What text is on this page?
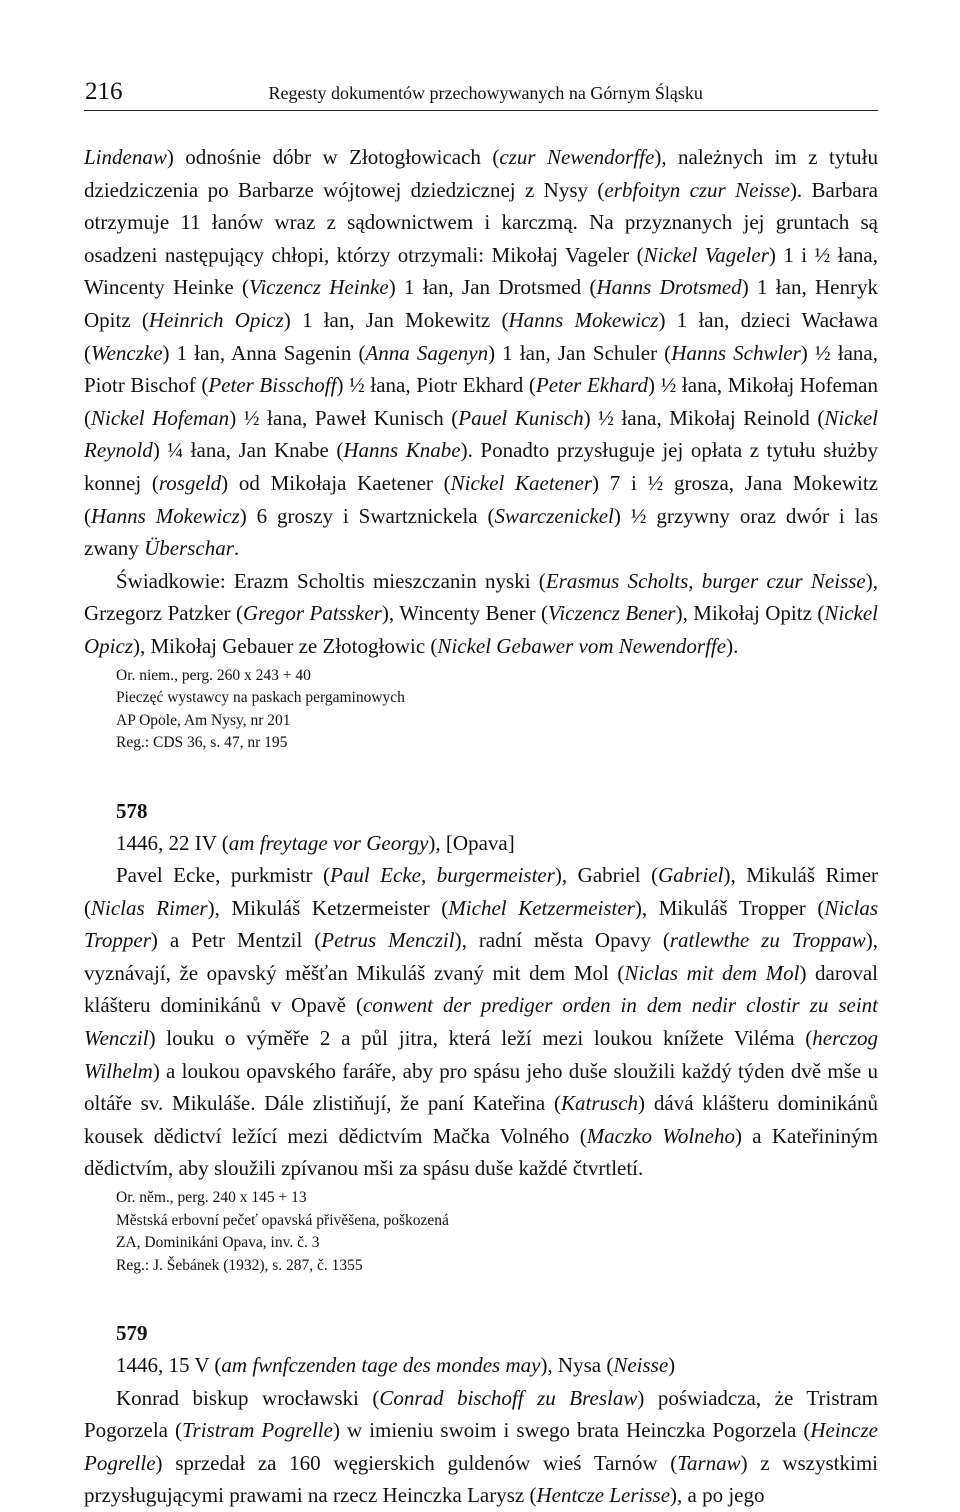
216	Regesty dokumentów przechowywanych na Górnym Śląsku

Lindenaw) odnośnie dóbr w Złotogłowicach (czur Newendorffe), należnych im z tytułu dziedziczenia po Barbarze wójtowej dziedzicznej z Nysy (erbfoityn czur Neisse). Barbara otrzymuje 11 łanów wraz z sądownictwem i karczmą. Na przyznanych jej gruntach są osadzeni następujący chłopi, którzy otrzymali: Mikołaj Vageler (Nickel Vageler) 1 i ½ łana, Wincenty Heinke (Viczencz Heinke) 1 łan, Jan Drotsmed (Hanns Drotsmed) 1 łan, Henryk Opitz (Heinrich Opicz) 1 łan, Jan Mokewitz (Hanns Mokewicz) 1 łan, dzieci Wacława (Wenczke) 1 łan, Anna Sagenin (Anna Sagenyn) 1 łan, Jan Schuler (Hanns Schwler) ½ łana, Piotr Bischof (Peter Bisschoff) ½ łana, Piotr Ekhard (Peter Ekhard) ½ łana, Mikołaj Hofeman (Nickel Hofeman) ½ łana, Paweł Kunisch (Pauel Kunisch) ½ łana, Mikołaj Reinold (Nickel Reynold) ¼ łana, Jan Knabe (Hanns Knabe). Ponadto przysługuje jej opłata z tytułu służby konnej (rosgeld) od Mikołaja Kaetener (Nickel Kaetener) 7 i ½ grosza, Jana Mokewitz (Hanns Mokewicz) 6 groszy i Swartznickela (Swarczenickel) ½ grzywny oraz dwór i las zwany Überschar.

Świadkowie: Erazm Scholtis mieszczanin nyski (Erasmus Scholts, burger czur Neisse), Grzegorz Patzker (Gregor Patssker), Wincenty Bener (Viczencz Bener), Mikołaj Opitz (Nickel Opicz), Mikołaj Gebauer ze Złotogłowic (Nickel Gebawer vom Newendorffe).

Or. niem., perg. 260 x 243 + 40
Pieczęć wystawcy na paskach pergaminowych
AP Opole, Am Nysy, nr 201
Reg.: CDS 36, s. 47, nr 195
578

1446, 22 IV (am freytage vor Georgy), [Opava]

Pavel Ecke, purkmistr (Paul Ecke, burgermeister), Gabriel (Gabriel), Mikuláš Rimer (Niclas Rimer), Mikuláš Ketzermeister (Michel Ketzermeister), Mikuláš Tropper (Niclas Tropper) a Petr Mentzil (Petrus Menczil), radní města Opavy (ratlewthe zu Troppaw), vyznávají, že opavský měšťan Mikuláš zvaný mit dem Mol (Niclas mit dem Mol) daroval klášteru dominikánů v Opavě (conwent der prediger orden in dem nedir clostir zu seint Wenczil) louku o výměře 2 a půl jitra, která leží mezi loukou knížete Viléma (herczog Wilhelm) a loukou opavského faráře, aby pro spásu jeho duše sloužili každý týden dvě mše u oltáře sv. Mikuláše. Dále zlistiňují, že paní Kateřina (Katrusch) dává klášteru dominikánů kousek dědictví ležící mezi dědictvím Mačka Volného (Maczko Wolneho) a Kateřininým dědictvím, aby sloužili zpívanou mši za spásu duše každé čtvrtletí.

Or. něm., perg. 240 x 145 + 13
Městská erbovní pečeť opavská přivěšena, poškozená
ZA, Dominikáni Opava, inv. č. 3
Reg.: J. Šebánek (1932), s. 287, č. 1355
579

1446, 15 V (am fwnfczenden tage des mondes may), Nysa (Neisse)

Konrad biskup wrocławski (Conrad bischoff zu Breslaw) poświadcza, że Tristram Pogorzela (Tristram Pogrelle) w imieniu swoim i swego brata Heinczka Pogorzela (Heincze Pogrelle) sprzedał za 160 węgierskich guldenów wieś Tarnów (Tarnaw) z wszystkimi przysługującymi prawami na rzecz Heinczka Larysz (Hentcze Lerisse), a po jego
